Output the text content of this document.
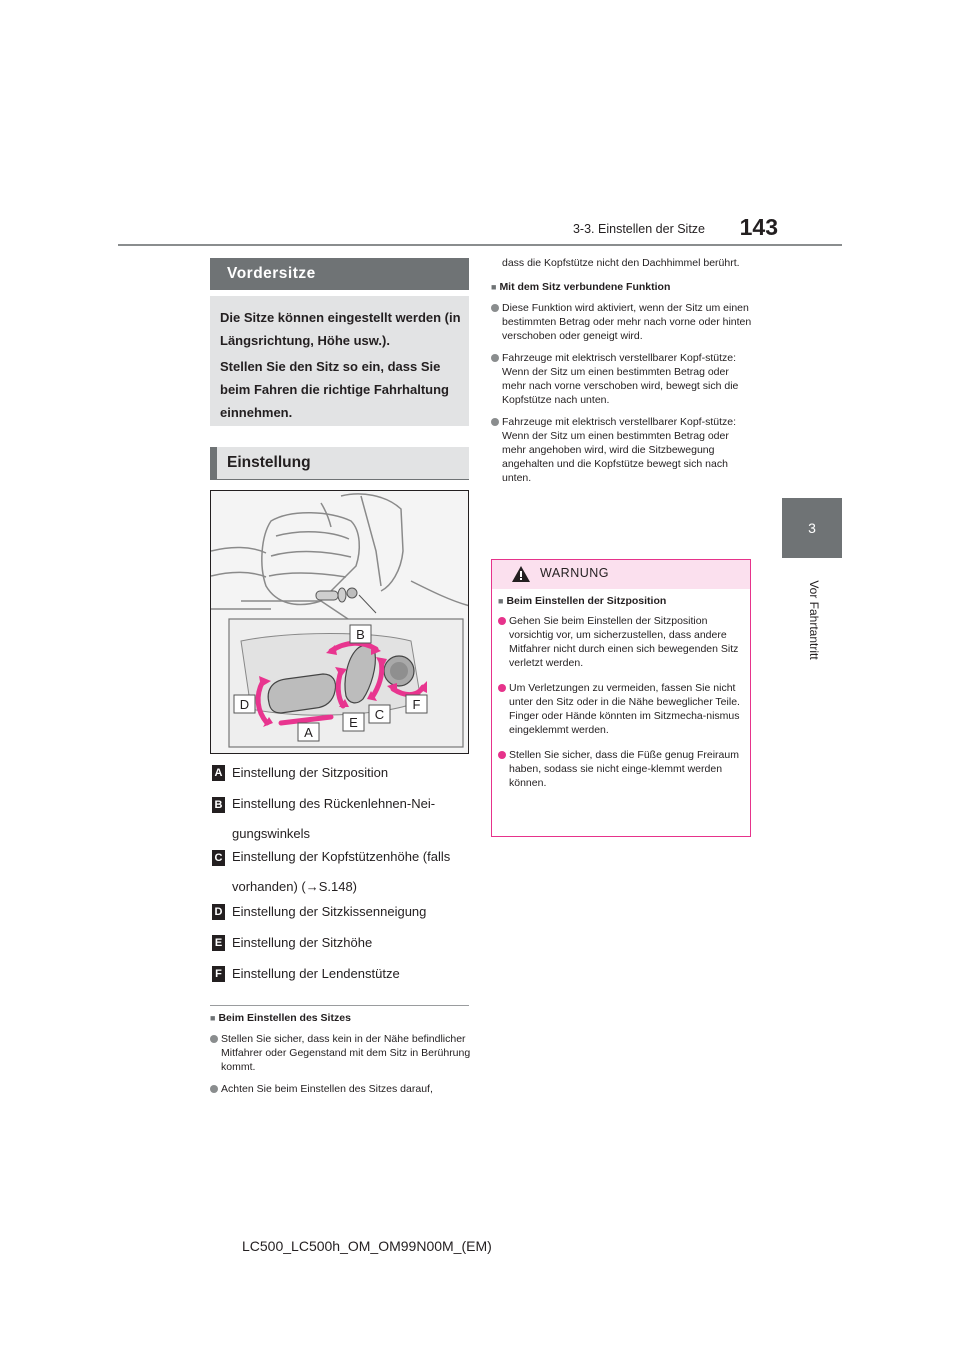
3-3. Einstellen der Sitze	143
3
Vor Fahrtantritt
Vordersitze

Die Sitze können eingestellt werden (in Längsrichtung, Höhe usw.).

Stellen Sie den Sitz so ein, dass Sie beim Fahren die richtige Fahrhaltung einnehmen.

Einstellung
B
D	F
C
E
A
A Einstellung der Sitzposition
B Einstellung des Rückenlehnen-Nei-gungswinkels
C Einstellung der Kopfstützenhöhe (falls vorhanden) (→S.148)
D Einstellung der Sitzkissenneigung
E Einstellung der Sitzhöhe
F Einstellung der Lendenstütze
■ Beim Einstellen des Sitzes
Stellen Sie sicher, dass kein in der Nähe befindlicher Mitfahrer oder Gegenstand mit dem Sitz in Berührung kommt.
Achten Sie beim Einstellen des Sitzes darauf,
dass die Kopfstütze nicht den Dachhimmel berührt.
■ Mit dem Sitz verbundene Funktion
Diese Funktion wird aktiviert, wenn der Sitz um einen bestimmten Betrag oder mehr nach vorne oder hinten verschoben oder geneigt wird.
Fahrzeuge mit elektrisch verstellbarer Kopf-stütze: Wenn der Sitz um einen bestimmten Betrag oder mehr nach vorne verschoben wird, bewegt sich die Kopfstütze nach unten.
Fahrzeuge mit elektrisch verstellbarer Kopf-stütze: Wenn der Sitz um einen bestimmten Betrag oder mehr angehoben wird, wird die Sitzbewegung angehalten und die Kopfstütze bewegt sich nach unten.
WARNUNG
■ Beim Einstellen der Sitzposition
Gehen Sie beim Einstellen der Sitzposition vorsichtig vor, um sicherzustellen, dass andere Mitfahrer nicht durch einen sich bewegenden Sitz verletzt werden.
Um Verletzungen zu vermeiden, fassen Sie nicht unter den Sitz oder in die Nähe beweglicher Teile. Finger oder Hände könnten im Sitzmecha-nismus eingeklemmt werden.
Stellen Sie sicher, dass die Füße genug Freiraum haben, sodass sie nicht einge-klemmt werden können.
LC500_LC500h_OM_OM99N00M_(EM)
